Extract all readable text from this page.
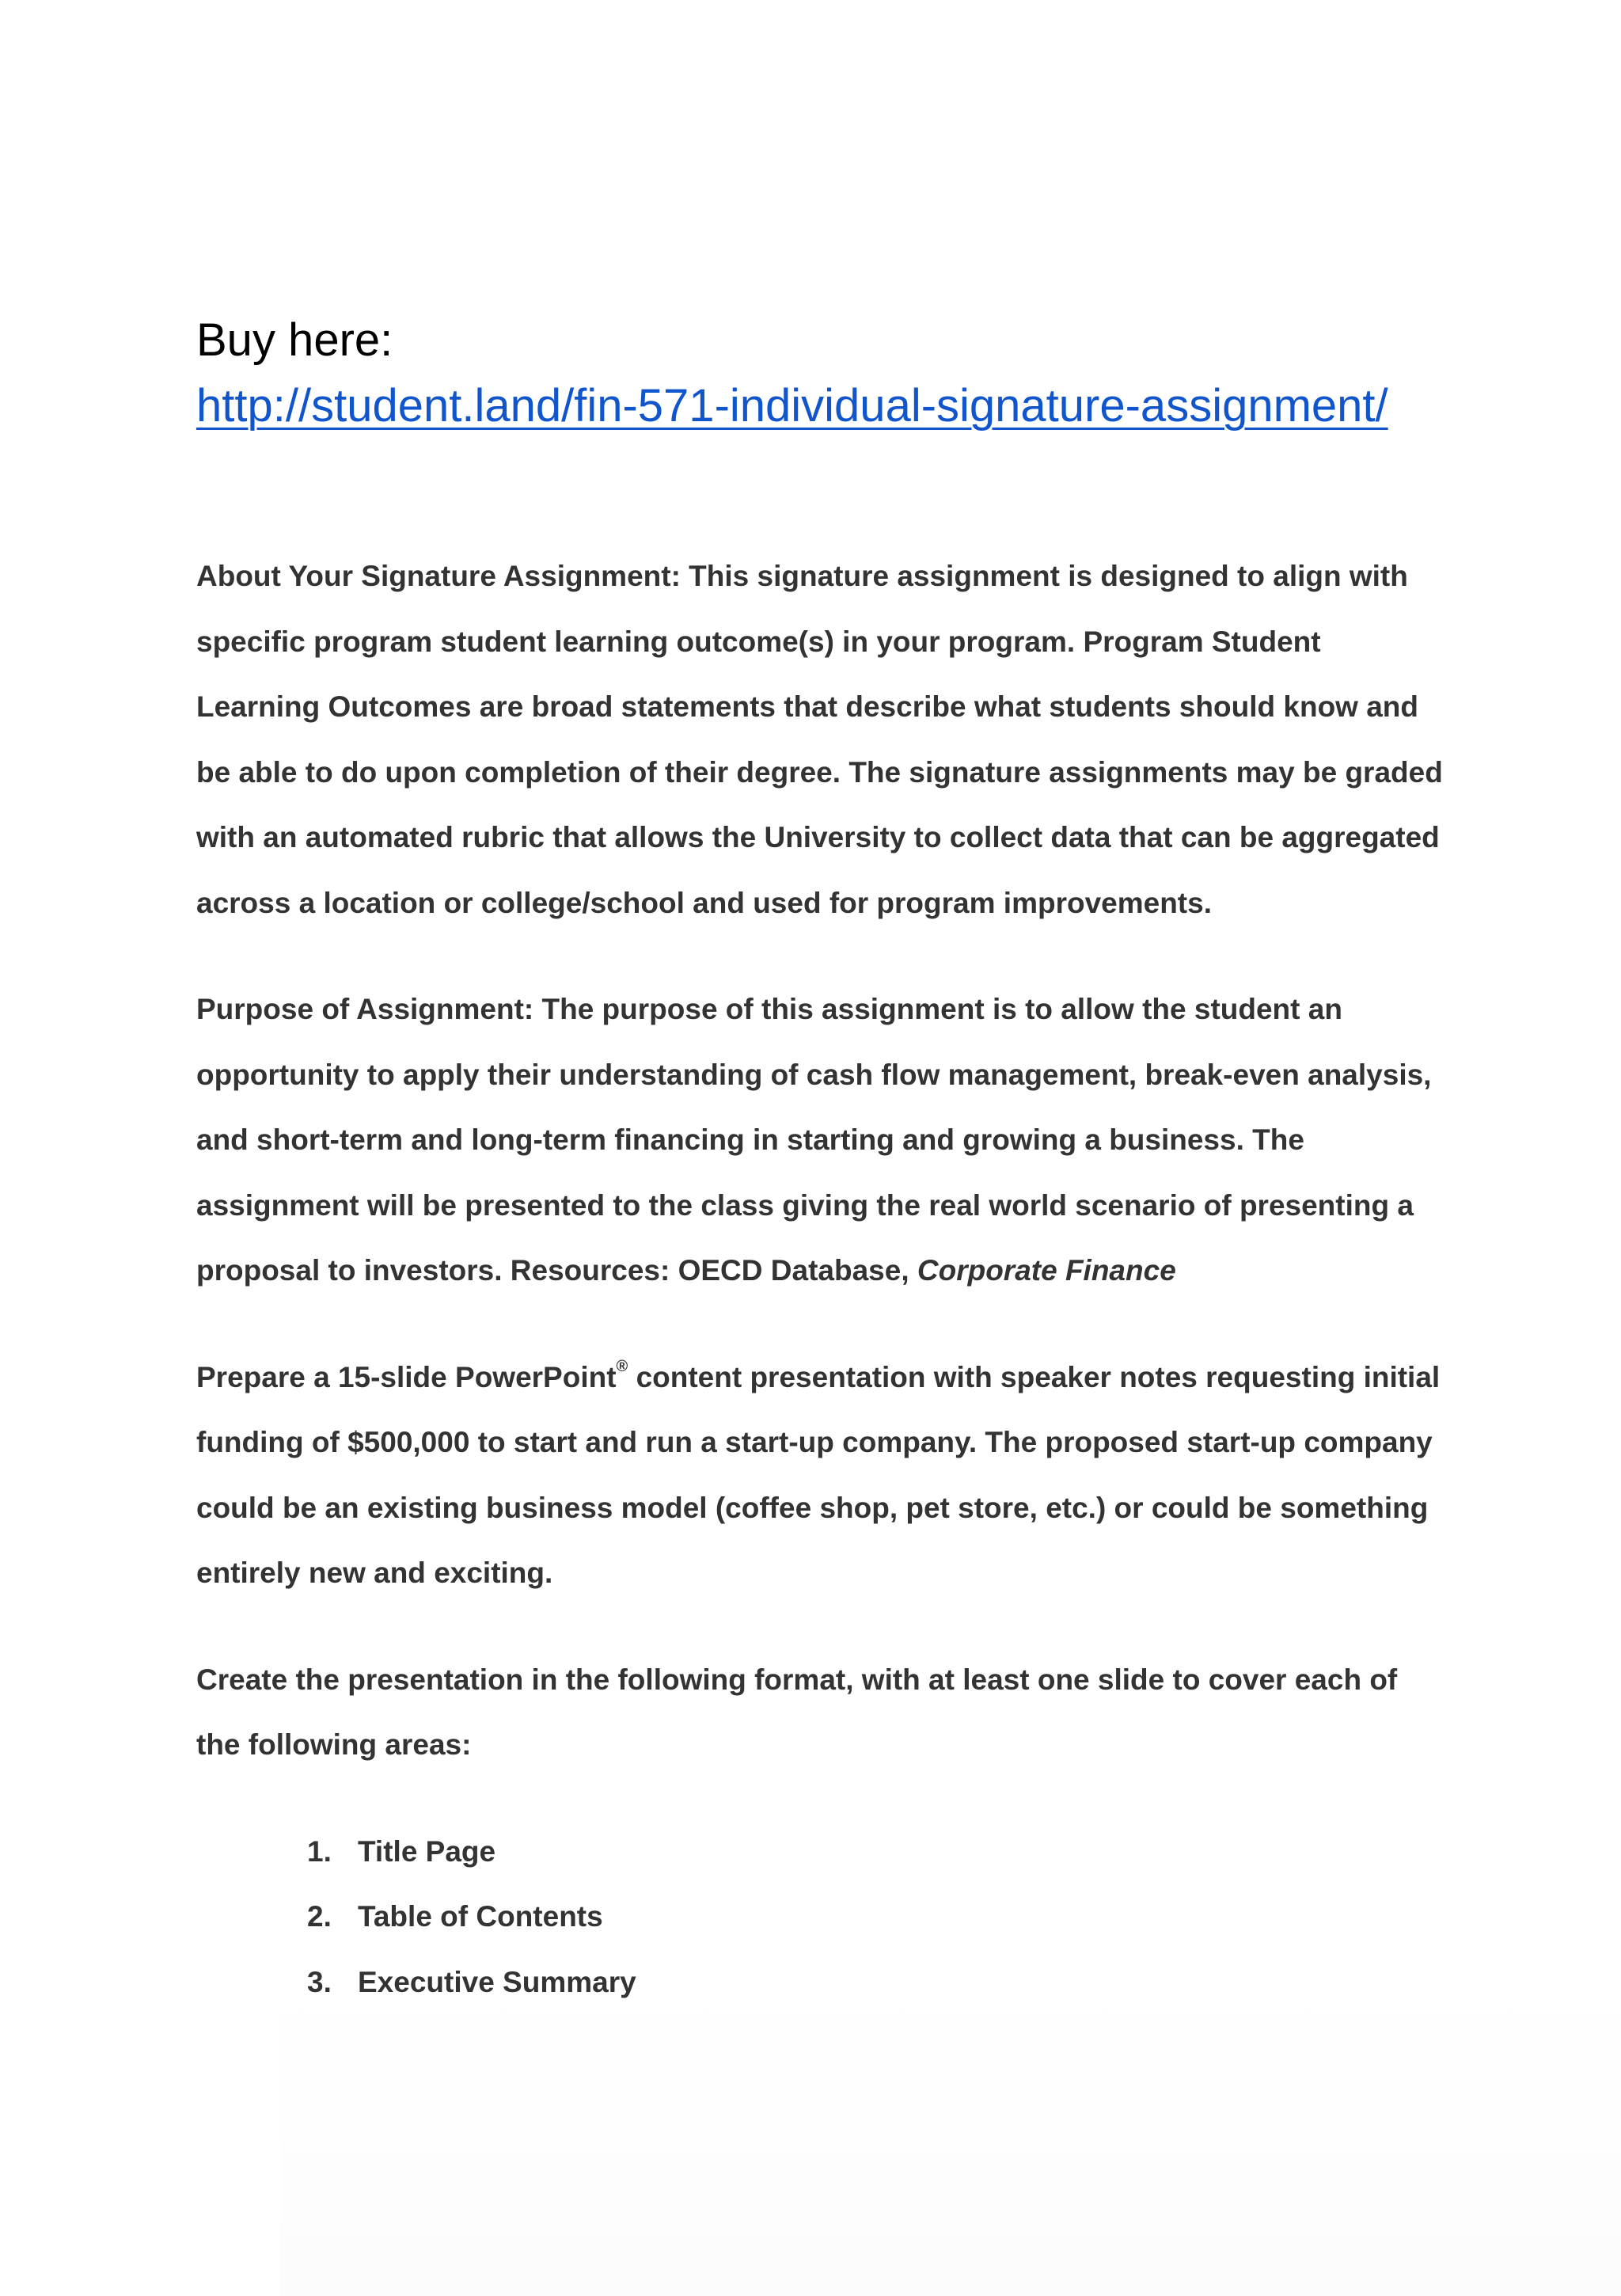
Buy here:

http://student.land/fin-571-individual-signature-assignment/

About Your Signature Assignment: This signature assignment is designed to align with specific program student learning outcome(s) in your program. Program Student Learning Outcomes are broad statements that describe what students should know and be able to do upon completion of their degree. The signature assignments may be graded with an automated rubric that allows the University to collect data that can be aggregated across a location or college/school and used for program improvements.

Purpose of Assignment: The purpose of this assignment is to allow the student an opportunity to apply their understanding of cash flow management, break-even analysis, and short-term and long-term financing in starting and growing a business. The assignment will be presented to the class giving the real world scenario of presenting a proposal to investors. Resources: OECD Database, Corporate Finance

Prepare a 15-slide PowerPoint® content presentation with speaker notes requesting initial funding of $500,000 to start and run a start-up company. The proposed start-up company could be an existing business model (coffee shop, pet store, etc.) or could be something entirely new and exciting.

Create the presentation in the following format, with at least one slide to cover each of the following areas:

1. Title Page
2. Table of Contents
3. Executive Summary
